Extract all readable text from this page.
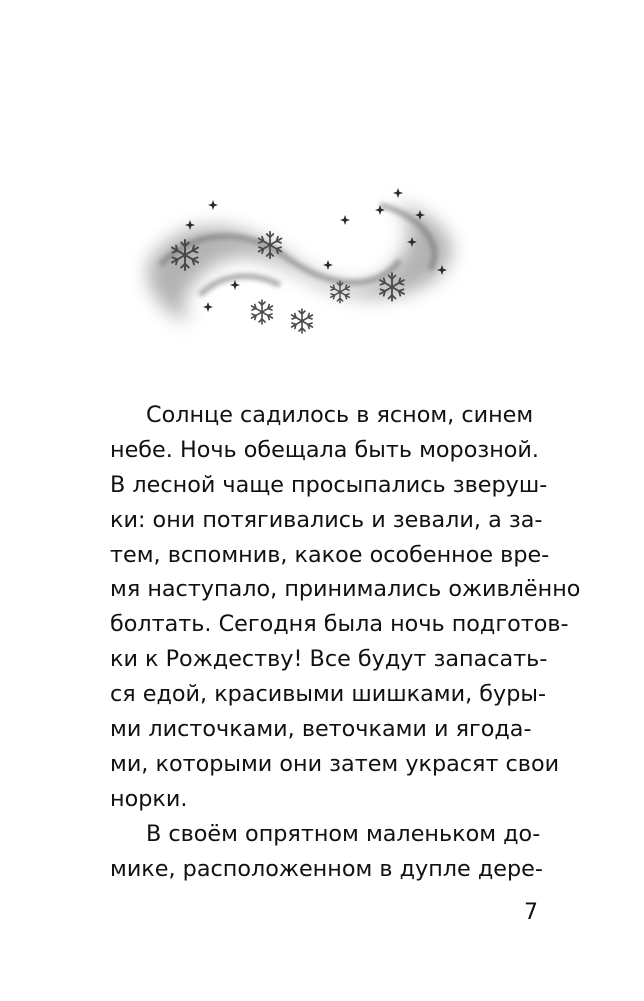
Солнце садилось в ясном, синем
небе. Ночь обещала быть морозной.
В лесной чаще просыпались зверуш-
ки: они потягивались и зевали, а за-
тем, вспомнив, какое особенное вре-
мя наступало, принимались оживлённо
болтать. Сегодня была ночь подготов-
ки к Рождеству! Все будут запасать-
ся едой, красивыми шишками, буры-
ми листочками, веточками и ягода-
ми, которыми они затем украсят свои
норки.
В своём опрятном маленьком до-
мике, расположенном в дупле дере-
7
